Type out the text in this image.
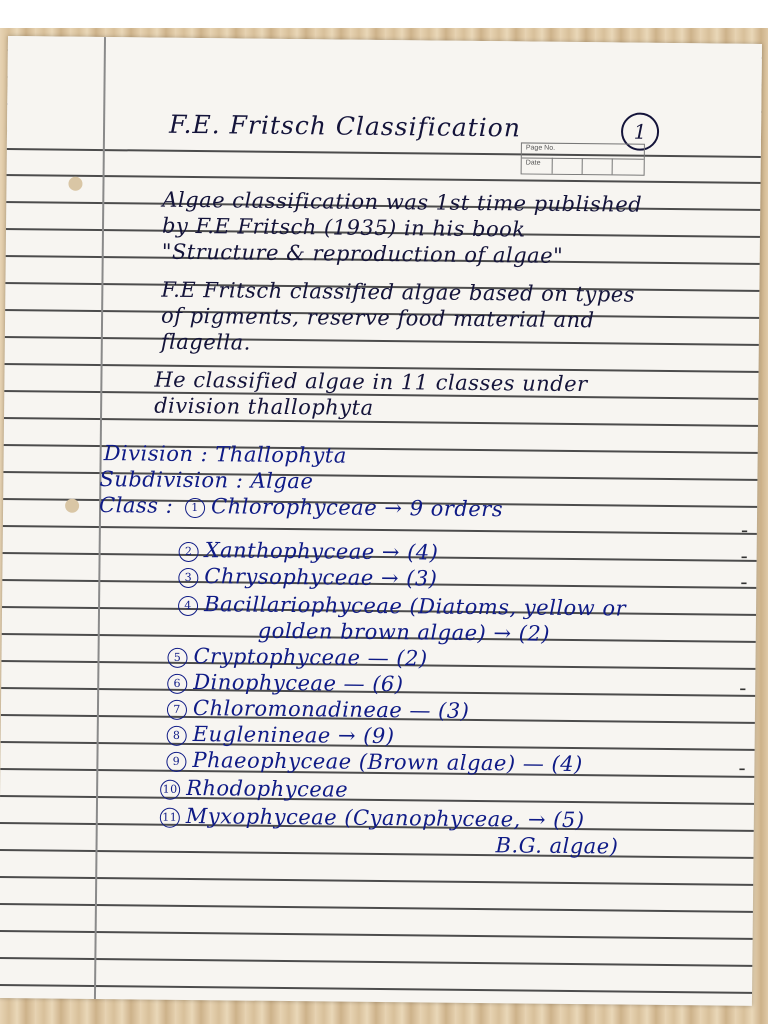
F.E. Fritsch Classification	1
Page No.
Date
Algae classification was 1st time published
by F.E Fritsch (1935) in his book
"Structure & reproduction of algae"
F.E Fritsch classified algae based on types
of pigments, reserve food material and
flagella.
He classified algae in 11 classes under
division thallophyta
Division : Thallophyta
Subdivision : Algae
Class :	1 Chlorophyceae → 9 orders
2 Xanthophyceae → (4)
3 Chrysophyceae → (3)
4 Bacillariophyceae (Diatoms, yellow or
golden brown algae) → (2)
5 Cryptophyceae — (2)
6 Dinophyceae — (6)
7 Chloromonadineae — (3)
8 Euglenineae → (9)
9 Phaeophyceae (Brown algae) — (4)
10 Rhodophyceae
11 Myxophyceae (Cyanophyceae, → (5)
B.G. algae)
-
-
-
-
-
